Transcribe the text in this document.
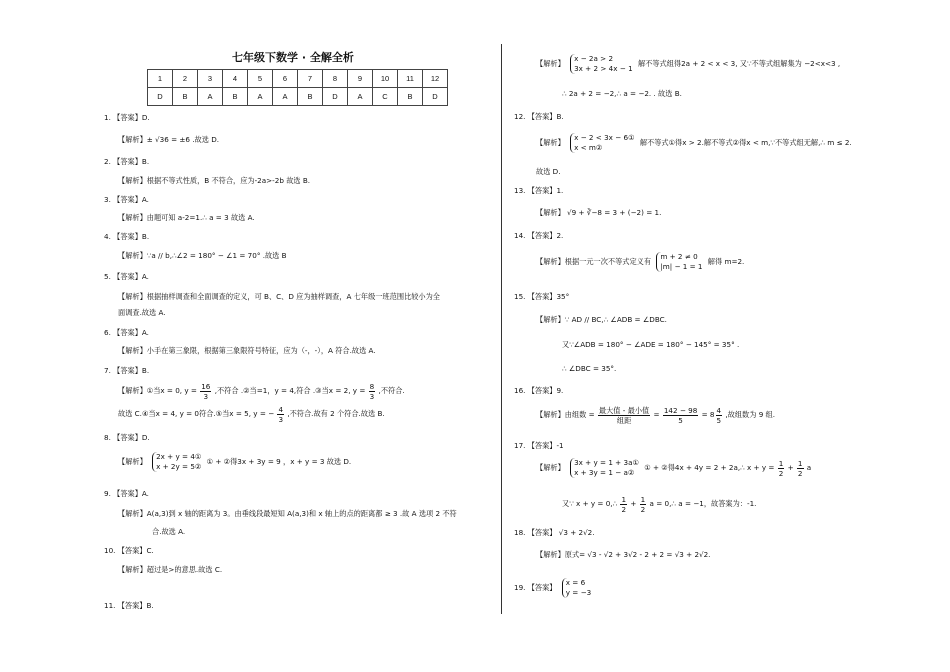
七年级下数学 · 全解全析
1	2	3	4	5	6	7	8	9	10	11	12
D	B	A	B	A	A	B	D	A	C	B	D
1. 【答案】D.
【解析】± √36 = ±6 .故选 D.
2. 【答案】B.
【解析】根据不等式性质，B 不符合，应为-2a>-2b 故选 B.
3. 【答案】A.
【解析】由题可知 a-2=1.∴ a = 3 故选 A.
4. 【答案】B.
【解析】∵a // b,∴∠2 = 180° − ∠1 = 70° .故选 B
5. 【答案】A.
【解析】根据抽样调查和全面调查的定义，可 B、C、D 应为抽样调查，A 七年级一班范围比较小为全
面调查.故选 A.
6. 【答案】A.
【解析】小手在第三象限，根据第三象限符号特征，应为（-，-），A 符合.故选 A.
7. 【答案】B.
【解析】①当x = 0, $y = \frac{16}{3}$ ,不符合 .②当=1，y = 4,符合 .③当x = 2, $y = \frac{8}{3}$ ,不符合.
故选 C.④当x = 4, y = 0符合.⑤当x = 5, y = − $\frac{4}{3}$ ,不符合.故有 2 个符合.故选 B.
8. 【答案】D.
【解析】
2x + y = 4①
x + 2y = 5②
① + ②得3x + 3y = 9 ，x + y = 3 故选 D.
9. 【答案】A.
【解析】A(a,3)到 x 轴的距离为 3。由垂线段最短知 A(a,3)和 x 轴上的点的距离都 ≥ 3 .故 A 选项 2 不符
合.故选 A.
10. 【答案】C.
【解析】超过是>的意思.故选 C.
11. 【答案】B.
【解析】
x − 2a > 2
3x + 2 > 4x − 1
解不等式组得2a + 2 < x < 3, 又∵不等式组解集为 −2<x<3 ,
∴ 2a + 2 = −2,∴ a = −2. . 故选 B.
12. 【答案】B.
【解析】
x − 2 < 3x − 6①
x < m②
解不等式①得x > 2.解不等式②得x < m,∵不等式组无解,∴ m ≤ 2.
故选 D.
13. 【答案】1.
【解析】 √9 + ∛−8 = 3 + (−2) = 1.
14. 【答案】2.
【解析】根据一元一次不等式定义有
m + 2 ≠ 0
|m| − 1 = 1
解得 m=2.
15. 【答案】35°
【解析】∵ AD // BC,∴ ∠ADB = ∠DBC.
又∵∠ADB = 180° − ∠ADE = 180° − 145° = 35° .
∴ ∠DBC = 35°.
16. 【答案】9.
【解析】由组数 = $\frac{\text{最大值 - 最小值}}{\text{组距}} = \frac{142 - 98}{5} = 8 \frac{4}{5}$ ,故组数为 9 组.
17. 【答案】-1
【解析】
3x + y = 1 + 3a①
x + 3y = 1 − a②
① + ②得4x + 4y = 2 + 2a,∴ $x + y = \frac{1}{2} + \frac{1}{2}$ a
又∵ x + y = 0,∴ $\frac{1}{2} + \frac{1}{2}$ a = 0,∴ a = −1，故答案为：-1.
18. 【答案】 √3 + 2√2.
【解析】原式= √3 - √2 + 3√2 - 2 + 2 = √3 + 2√2.
19. 【答案】
x = 6
y = −3
